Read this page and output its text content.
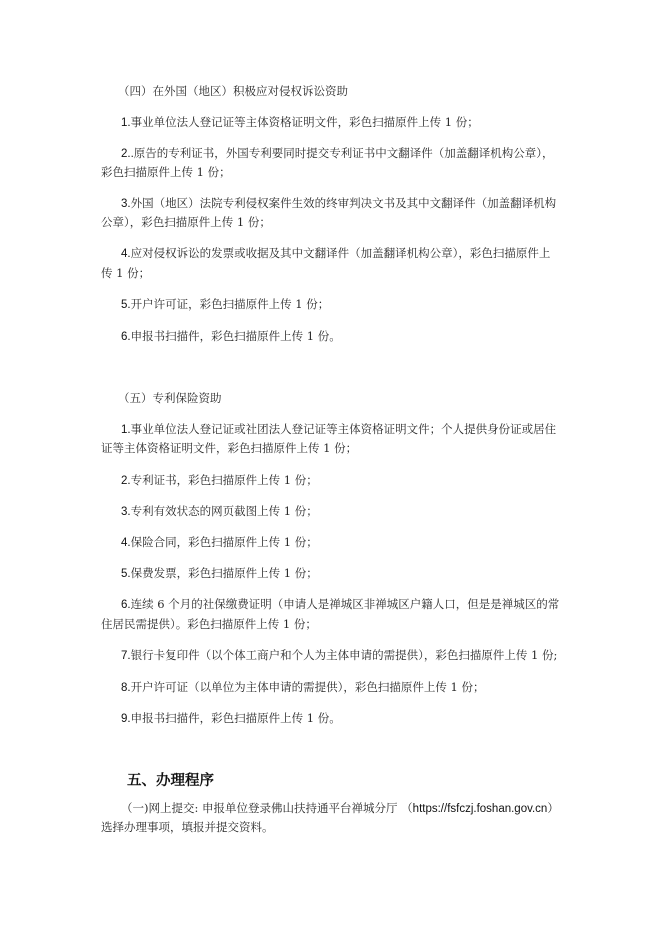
（四）在外国（地区）积极应对侵权诉讼资助
1.事业单位法人登记证等主体资格证明文件，彩色扫描原件上传 1 份；
2..原告的专利证书，外国专利要同时提交专利证书中文翻译件（加盖翻译机构公章），
彩色扫描原件上传 1 份；
3.外国（地区）法院专利侵权案件生效的终审判决文书及其中文翻译件（加盖翻译机构
公章），彩色扫描原件上传 1 份；
4.应对侵权诉讼的发票或收据及其中文翻译件（加盖翻译机构公章），彩色扫描原件上
传 1 份；
5.开户许可证，彩色扫描原件上传 1 份；
6.申报书扫描件，彩色扫描原件上传 1 份。
（五）专利保险资助
1.事业单位法人登记证或社团法人登记证等主体资格证明文件；个人提供身份证或居住
证等主体资格证明文件，彩色扫描原件上传 1 份；
2.专利证书，彩色扫描原件上传 1 份；
3.专利有效状态的网页截图上传 1 份；
4.保险合同，彩色扫描原件上传 1 份；
5.保费发票，彩色扫描原件上传 1 份；
6.连续 6 个月的社保缴费证明（申请人是禅城区非禅城区户籍人口，但是是禅城区的常
住居民需提供）。彩色扫描原件上传 1 份；
7.银行卡复印件（以个体工商户和个人为主体申请的需提供），彩色扫描原件上传 1 份;
8.开户许可证（以单位为主体申请的需提供），彩色扫描原件上传 1 份；
9.申报书扫描件，彩色扫描原件上传 1 份。
五、办理程序
（一)网上提交: 申报单位登录佛山扶持通平台禅城分厅 （https://fsfczj.foshan.gov.cn）
选择办理事项，填报并提交资料。
